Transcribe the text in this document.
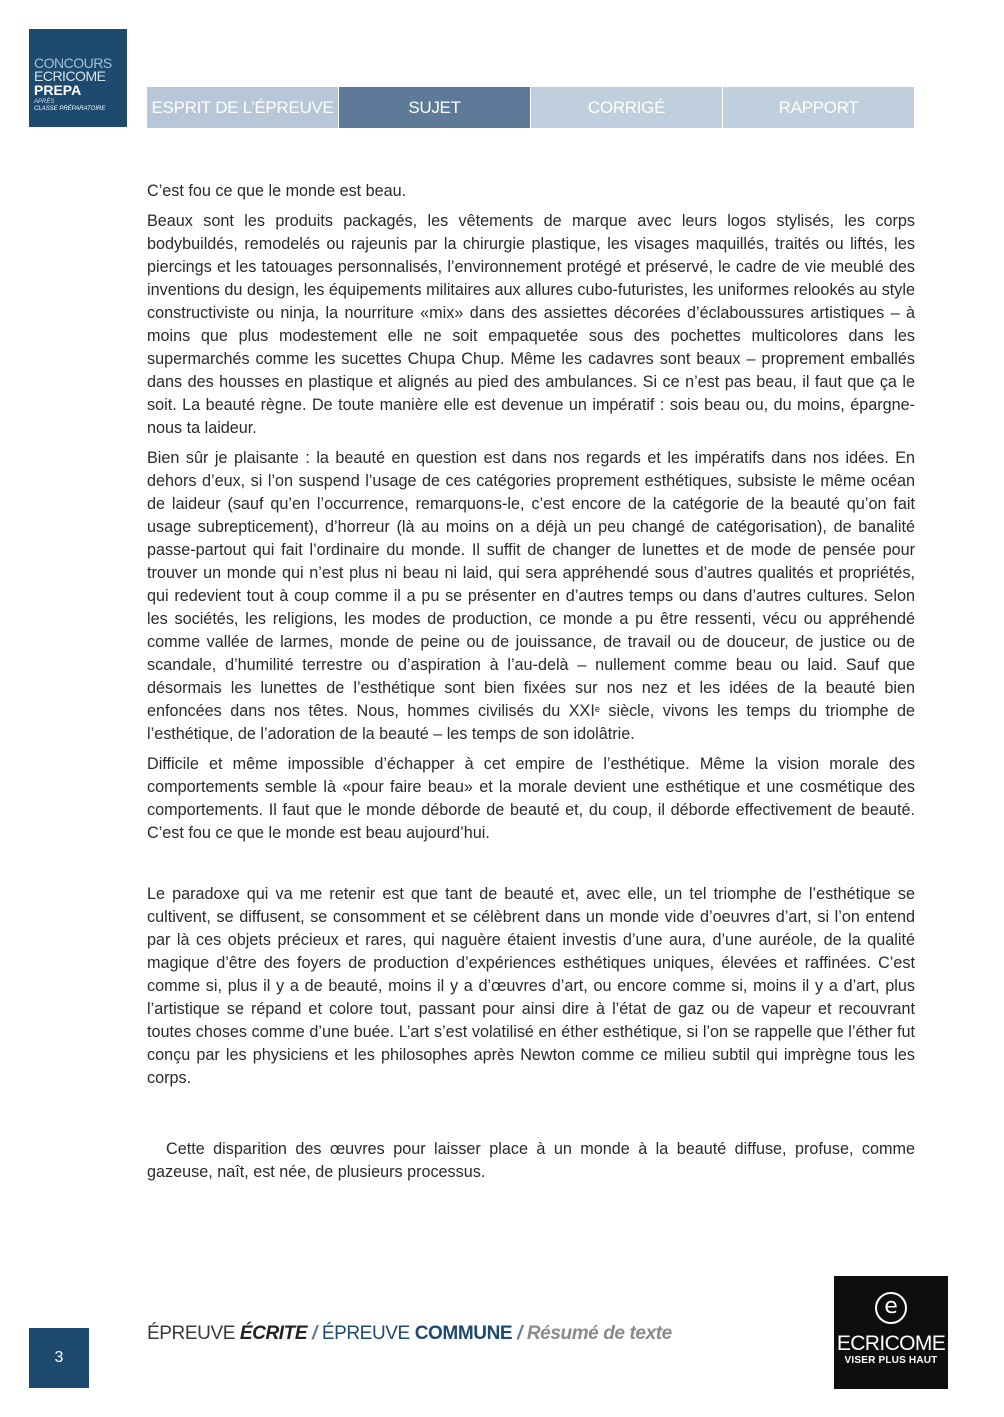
CONCOURS
ECRICOME
PREPA
APRÈS
CLASSE PRÉPARATOIRE	ESPRIT DE L’ÉPREUVE	SUJET	CORRIGÉ	RAPPORT

C’est fou ce que le monde est beau.

Beaux sont les produits packagés, les vêtements de marque avec leurs logos stylisés, les corps bodybuildés, remodelés ou rajeunis par la chirurgie plastique, les visages maquillés, traités ou liftés, les piercings et les tatouages personnalisés, l’environnement protégé et préservé, le cadre de vie meublé des inventions du design, les équipements militaires aux allures cubo-futuristes, les uniformes relookés au style constructiviste ou ninja, la nourriture «mix» dans des assiettes décorées d’éclaboussures artistiques – à moins que plus modestement elle ne soit empaquetée sous des pochettes multicolores dans les supermarchés comme les sucettes Chupa Chup. Même les cadavres sont beaux – proprement emballés dans des housses en plastique et alignés au pied des ambulances. Si ce n’est pas beau, il faut que ça le soit. La beauté règne. De toute manière elle est devenue un impératif : sois beau ou, du moins, épargne-nous ta laideur.

Bien sûr je plaisante : la beauté en question est dans nos regards et les impératifs dans nos idées. En dehors d’eux, si l’on suspend l’usage de ces catégories proprement esthétiques, subsiste le même océan de laideur (sauf qu’en l’occurrence, remarquons-le, c’est encore de la catégorie de la beauté qu’on fait usage subrepticement), d’horreur (là au moins on a déjà un peu changé de catégorisation), de banalité passe-partout qui fait l’ordinaire du monde. Il suffit de changer de lunettes et de mode de pensée pour trouver un monde qui n’est plus ni beau ni laid, qui sera appréhendé sous d’autres qualités et propriétés, qui redevient tout à coup comme il a pu se présenter en d’autres temps ou dans d’autres cultures. Selon les sociétés, les religions, les modes de production, ce monde a pu être ressenti, vécu ou appréhendé comme vallée de larmes, monde de peine ou de jouissance, de travail ou de douceur, de justice ou de scandale, d’humilité terrestre ou d’aspiration à l’au-delà – nullement comme beau ou laid. Sauf que désormais les lunettes de l’esthétique sont bien fixées sur nos nez et les idées de la beauté bien enfoncées dans nos têtes. Nous, hommes civilisés du XXIe siècle, vivons les temps du triomphe de l’esthétique, de l’adoration de la beauté – les temps de son idolâtrie.

Difficile et même impossible d’échapper à cet empire de l’esthétique. Même la vision morale des comportements semble là «pour faire beau» et la morale devient une esthétique et une cosmétique des comportements. Il faut que le monde déborde de beauté et, du coup, il déborde effectivement de beauté. C’est fou ce que le monde est beau aujourd’hui.

Le paradoxe qui va me retenir est que tant de beauté et, avec elle, un tel triomphe de l’esthétique se cultivent, se diffusent, se consomment et se célèbrent dans un monde vide d’oeuvres d’art, si l’on entend par là ces objets précieux et rares, qui naguère étaient investis d’une aura, d’une auréole, de la qualité magique d’être des foyers de production d’expériences esthétiques uniques, élevées et raffinées. C’est comme si, plus il y a de beauté, moins il y a d’œuvres d’art, ou encore comme si, moins il y a d’art, plus l’artistique se répand et colore tout, passant pour ainsi dire à l’état de gaz ou de vapeur et recouvrant toutes choses comme d’une buée. L’art s’est volatilisé en éther esthétique, si l’on se rappelle que l’éther fut conçu par les physiciens et les philosophes après Newton comme ce milieu subtil qui imprègne tous les corps.

Cette disparition des œuvres pour laisser place à un monde à la beauté diffuse, profuse, comme gazeuse, naît, est née, de plusieurs processus.

3
ÉPREUVE ÉCRITE / ÉPREUVE COMMUNE / Résumé de texte
e
ECRICOME
VISER PLUS HAUT
